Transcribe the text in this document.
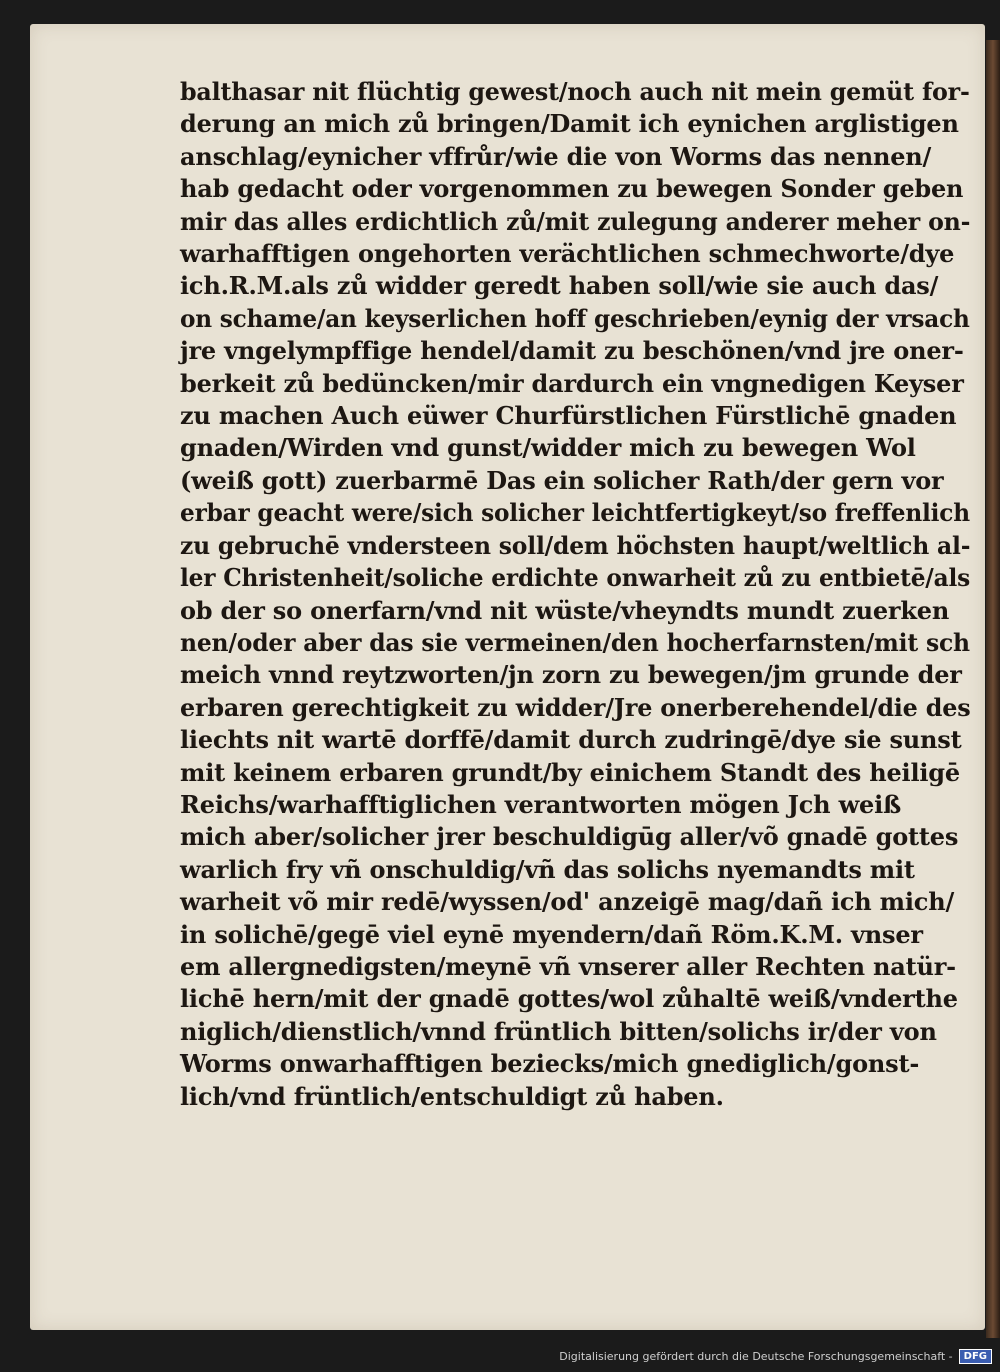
balthasar nit flüchtig gewest/noch auch nit mein gemüt for-
derung an mich zů bringen/Damit ich eynichen arglistigen
anschlag/eynicher vffrůr/wie die von Worms das nennen/
hab gedacht oder vorgenommen zu bewegen Sonder geben
mir das alles erdichtlich zů/mit zulegung anderer meher on-
warhafftigen ongehorten verächtlichen schmechworte/dye
ich.R.M.als zů widder geredt haben soll/wie sie auch das/
on schame/an keyserlichen hoff geschrieben/eynig der vrsach
jre vngelympffige hendel/damit zu beschönen/vnd jre oner-
berkeit zů bedüncken/mir dardurch ein vngnedigen Keyser
zu machen Auch eüwer Churfürstlichen Fürstlichē gnaden
gnaden/Wirden vnd gunst/widder mich zu bewegen Wol
(weiß gott) zuerbarmē Das ein solicher Rath/der gern vor
erbar geacht were/sich solicher leichtfertigkeyt/so freffenlich
zu gebruchē vndersteen soll/dem höchsten haupt/weltlich al-
ler Christenheit/soliche erdichte onwarheit zů zu entbietē/als
ob der so onerfarn/vnd nit wüste/vheyndts mundt zuerken
nen/oder aber das sie vermeinen/den hocherfarnsten/mit sch
meich vnnd reytzworten/jn zorn zu bewegen/jm grunde der
erbaren gerechtigkeit zu widder/Jre onerberehendel/die des
liechts nit wartē dorffē/damit durch zudringē/dye sie sunst
mit keinem erbaren grundt/by einichem Standt des heiligē
Reichs/warhafftiglichen verantworten mögen Jch weiß
mich aber/solicher jrer beschuldigūg aller/võ gnadē gottes
warlich fry vñ onschuldig/vñ das solichs nyemandts mit
warheit võ mir redē/wyssen/od' anzeigē mag/dañ ich mich/
in solichē/gegē viel eynē myendern/dañ Röm.K.M. vnser
em allergnedigsten/meynē vñ vnserer aller Rechten natür-
lichē hern/mit der gnadē gottes/wol zůhaltē weiß/vnderthe
niglich/dienstlich/vnnd früntlich bitten/solichs ir/der von
Worms onwarhafftigen beziecks/mich gnediglich/gonst-
lich/vnd früntlich/entschuldigt zů haben.
Digitalisierung gefördert durch die Deutsche Forschungsgemeinschaft -	DFG
